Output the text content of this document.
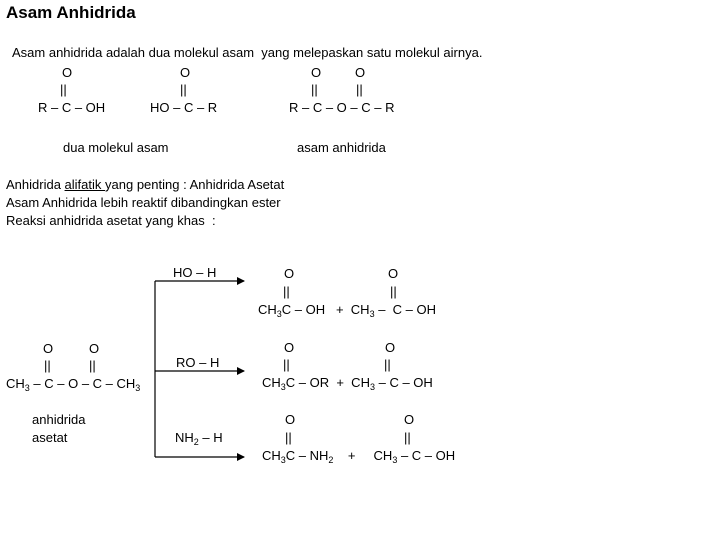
Asam Anhidrida
Asam anhidrida adalah dua molekul asam  yang melepaskan satu molekul airnya.
O
||
R – C – OH
O
||
HO – C – R
O	O
||	||
R – C – O – C – R
dua molekul asam	asam anhidrida
Anhidrida alifatik yang penting : Anhidrida Asetat
Asam Anhidrida lebih reaktif dibandingkan ester
Reaksi anhidrida asetat yang khas  :
O	O
||	||
$CH_3$ – C – O – C – $CH_3$
anhidrida
asetat
HO – H
RO – H
$NH_2$ – H
O	O
||	||
$CH_3C$ – OH   +  $CH_3$ –  C – OH
O	O
||	||
$CH_3C$ – OR  +  $CH_3$ – C – OH
O	O
||	||
$CH_3C - NH_2$    +     $CH_3$ – C – OH
